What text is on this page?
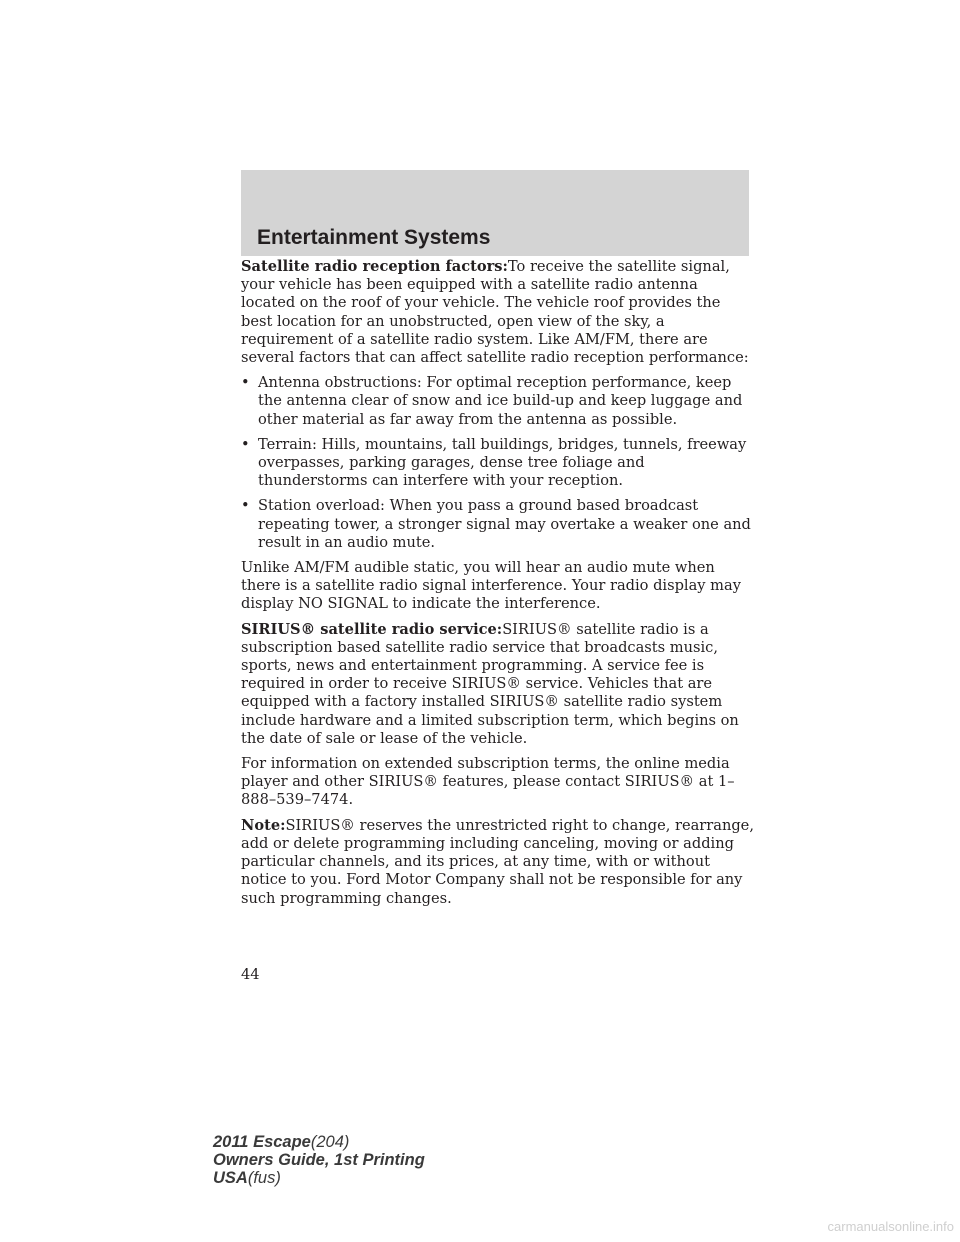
Entertainment Systems

Satellite radio reception factors:To receive the satellite signal, your vehicle has been equipped with a satellite radio antenna located on the roof of your vehicle. The vehicle roof provides the best location for an unobstructed, open view of the sky, a requirement of a satellite radio system. Like AM/FM, there are several factors that can affect satellite radio reception performance:

• Antenna obstructions: For optimal reception performance, keep the antenna clear of snow and ice build-up and keep luggage and other material as far away from the antenna as possible.
• Terrain: Hills, mountains, tall buildings, bridges, tunnels, freeway overpasses, parking garages, dense tree foliage and thunderstorms can interfere with your reception.
• Station overload: When you pass a ground based broadcast repeating tower, a stronger signal may overtake a weaker one and result in an audio mute.

Unlike AM/FM audible static, you will hear an audio mute when there is a satellite radio signal interference. Your radio display may display NO SIGNAL to indicate the interference.

SIRIUS® satellite radio service:SIRIUS® satellite radio is a subscription based satellite radio service that broadcasts music, sports, news and entertainment programming. A service fee is required in order to receive SIRIUS® service. Vehicles that are equipped with a factory installed SIRIUS® satellite radio system include hardware and a limited subscription term, which begins on the date of sale or lease of the vehicle.

For information on extended subscription terms, the online media player and other SIRIUS® features, please contact SIRIUS® at 1–888–539–7474.

Note:SIRIUS® reserves the unrestricted right to change, rearrange, add or delete programming including canceling, moving or adding particular channels, and its prices, at any time, with or without notice to you. Ford Motor Company shall not be responsible for any such programming changes.

44
2011 Escape(204)
Owners Guide, 1st Printing
USA(fus)
carmanualsonline.info
